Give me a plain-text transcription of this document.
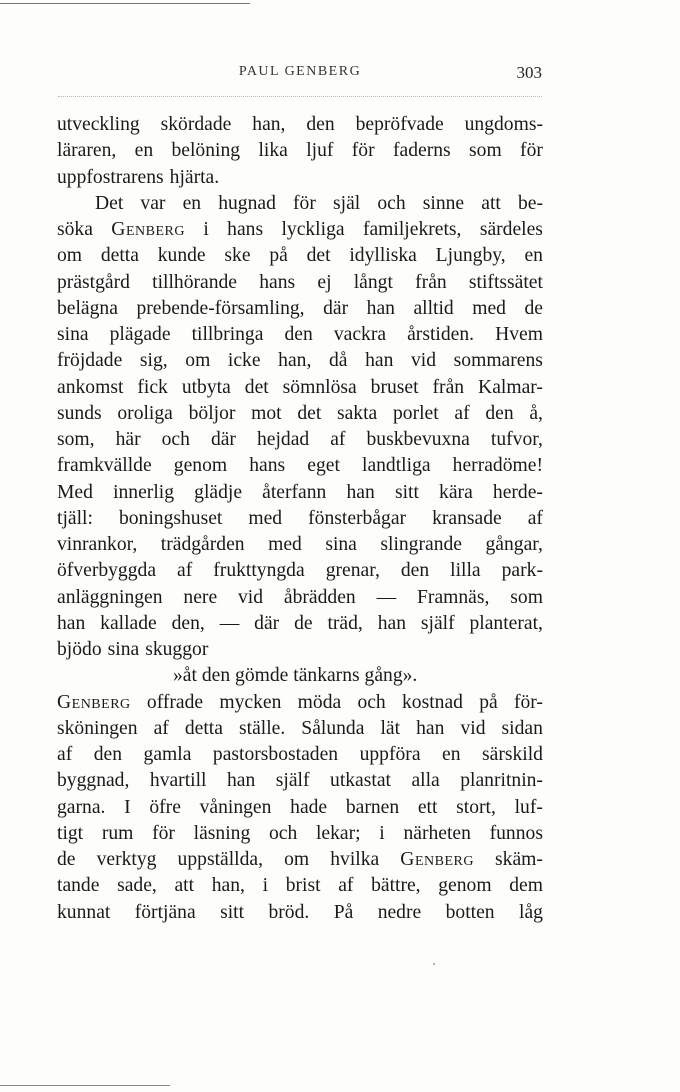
PAUL GENBERG	303
utveckling skördade han, den bepröfvade ungdoms-
läraren, en belöning lika ljuf för faderns som för
uppfostrarens hjärta.
Det var en hugnad för själ och sinne att be-
söka Genberg i hans lyckliga familjekrets, särdeles
om detta kunde ske på det idylliska Ljungby, en
prästgård tillhörande hans ej långt från stiftssätet
belägna prebende-församling, där han alltid med de
sina plägade tillbringa den vackra årstiden. Hvem
fröjdade sig, om icke han, då han vid sommarens
ankomst fick utbyta det sömnlösa bruset från Kalmar-
sunds oroliga böljor mot det sakta porlet af den å,
som, här och där hejdad af buskbevuxna tufvor,
framkvällde genom hans eget landtliga herradöme!
Med innerlig glädje återfann han sitt kära herde-
tjäll: boningshuset med fönsterbågar kransade af
vinrankor, trädgården med sina slingrande gångar,
öfverbyggda af frukttyngda grenar, den lilla park-
anläggningen nere vid åbrädden — Framnäs, som
han kallade den, — där de träd, han själf planterat,
bjödo sina skuggor
»åt den gömde tänkarns gång».
Genberg offrade mycken möda och kostnad på för-
sköningen af detta ställe. Sålunda lät han vid sidan
af den gamla pastorsbostaden uppföra en särskild
byggnad, hvartill han själf utkastat alla planritnin-
garna. I öfre våningen hade barnen ett stort, luf-
tigt rum för läsning och lekar; i närheten funnos
de verktyg uppställda, om hvilka Genberg skäm-
tande sade, att han, i brist af bättre, genom dem
kunnat förtjäna sitt bröd. På nedre botten låg
